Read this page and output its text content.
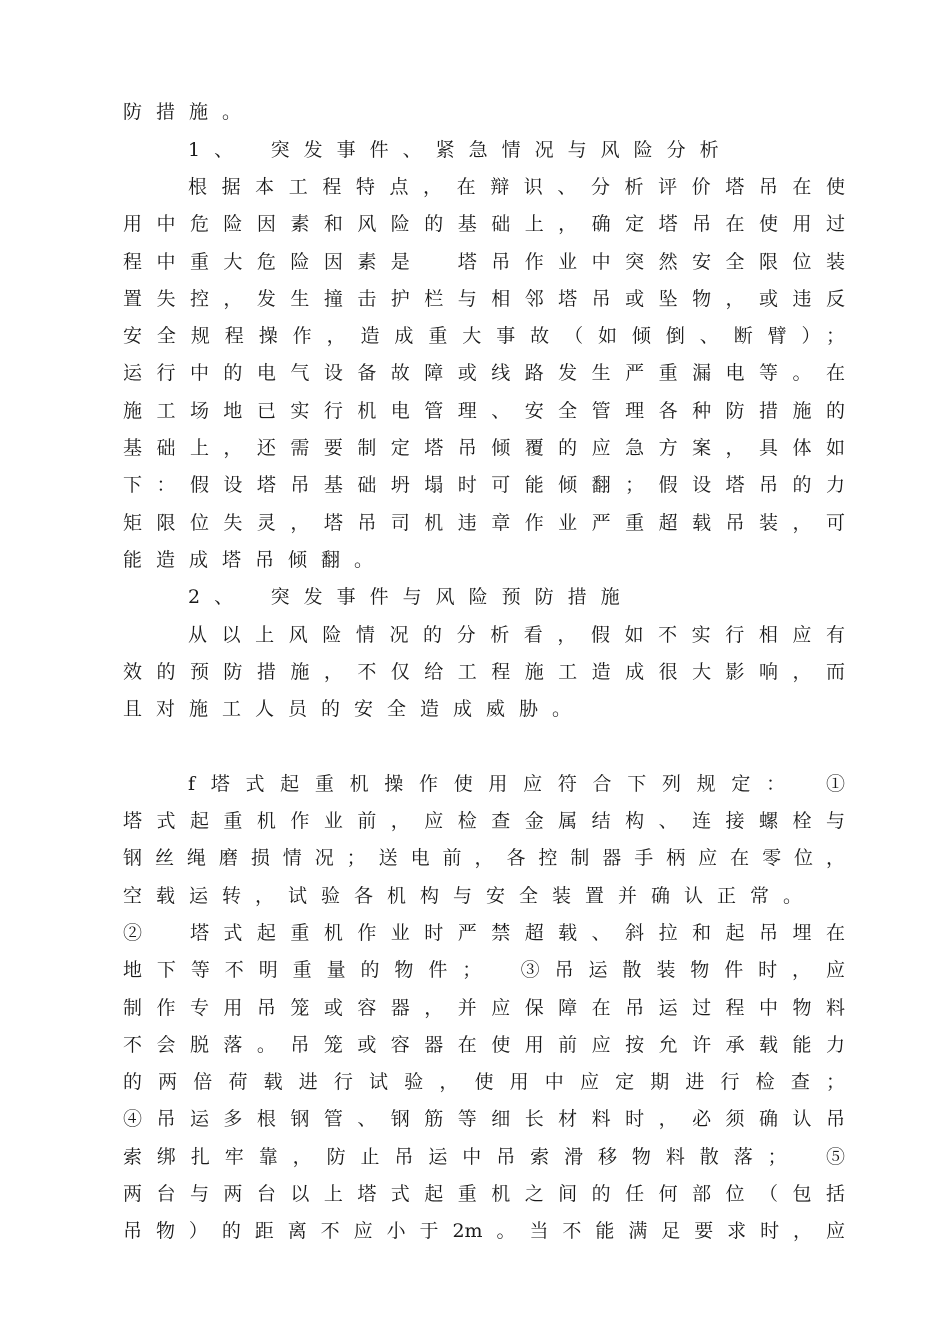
防措施。
1、　突发事件、紧急情况与风险分析
根据本工程特点，在辩识、分析评价塔吊在使
用中危险因素和风险的基础上，确定塔吊在使用过
程中重大危险因素是　塔吊作业中突然安全限位装
置失控，发生撞击护栏与相邻塔吊或坠物，或违反
安全规程操作，造成重大事故（如倾倒、断臂）；
运行中的电气设备故障或线路发生严重漏电等。在
施工场地已实行机电管理、安全管理各种防措施的
基础上，还需要制定塔吊倾覆的应急方案，具体如
下：假设塔吊基础坍塌时可能倾翻；假设塔吊的力
矩限位失灵，塔吊司机违章作业严重超载吊装，可
能造成塔吊倾翻。
2、　突发事件与风险预防措施
从以上风险情况的分析看，假如不实行相应有
效的预防措施，不仅给工程施工造成很大影响，而
且对施工人员的安全造成威胁。
f塔式起重机操作使用应符合下列规定：　①
塔式起重机作业前，应检查金属结构、连接螺栓与
钢丝绳磨损情况；送电前，各控制器手柄应在零位，
空载运转，试验各机构与安全装置并确认正常。
②　塔式起重机作业时严禁超载、斜拉和起吊埋在
地下等不明重量的物件；　③吊运散装物件时，应
制作专用吊笼或容器，并应保障在吊运过程中物料
不会脱落。吊笼或容器在使用前应按允许承载能力
的两倍荷载进行试验，使用中应定期进行检查；
④吊运多根钢管、钢筋等细长材料时，必须确认吊
索绑扎牢靠，防止吊运中吊索滑移物料散落；　⑤
两台与两台以上塔式起重机之间的任何部位（包括
吊物）的距离不应小于2m。当不能满足要求时，应
